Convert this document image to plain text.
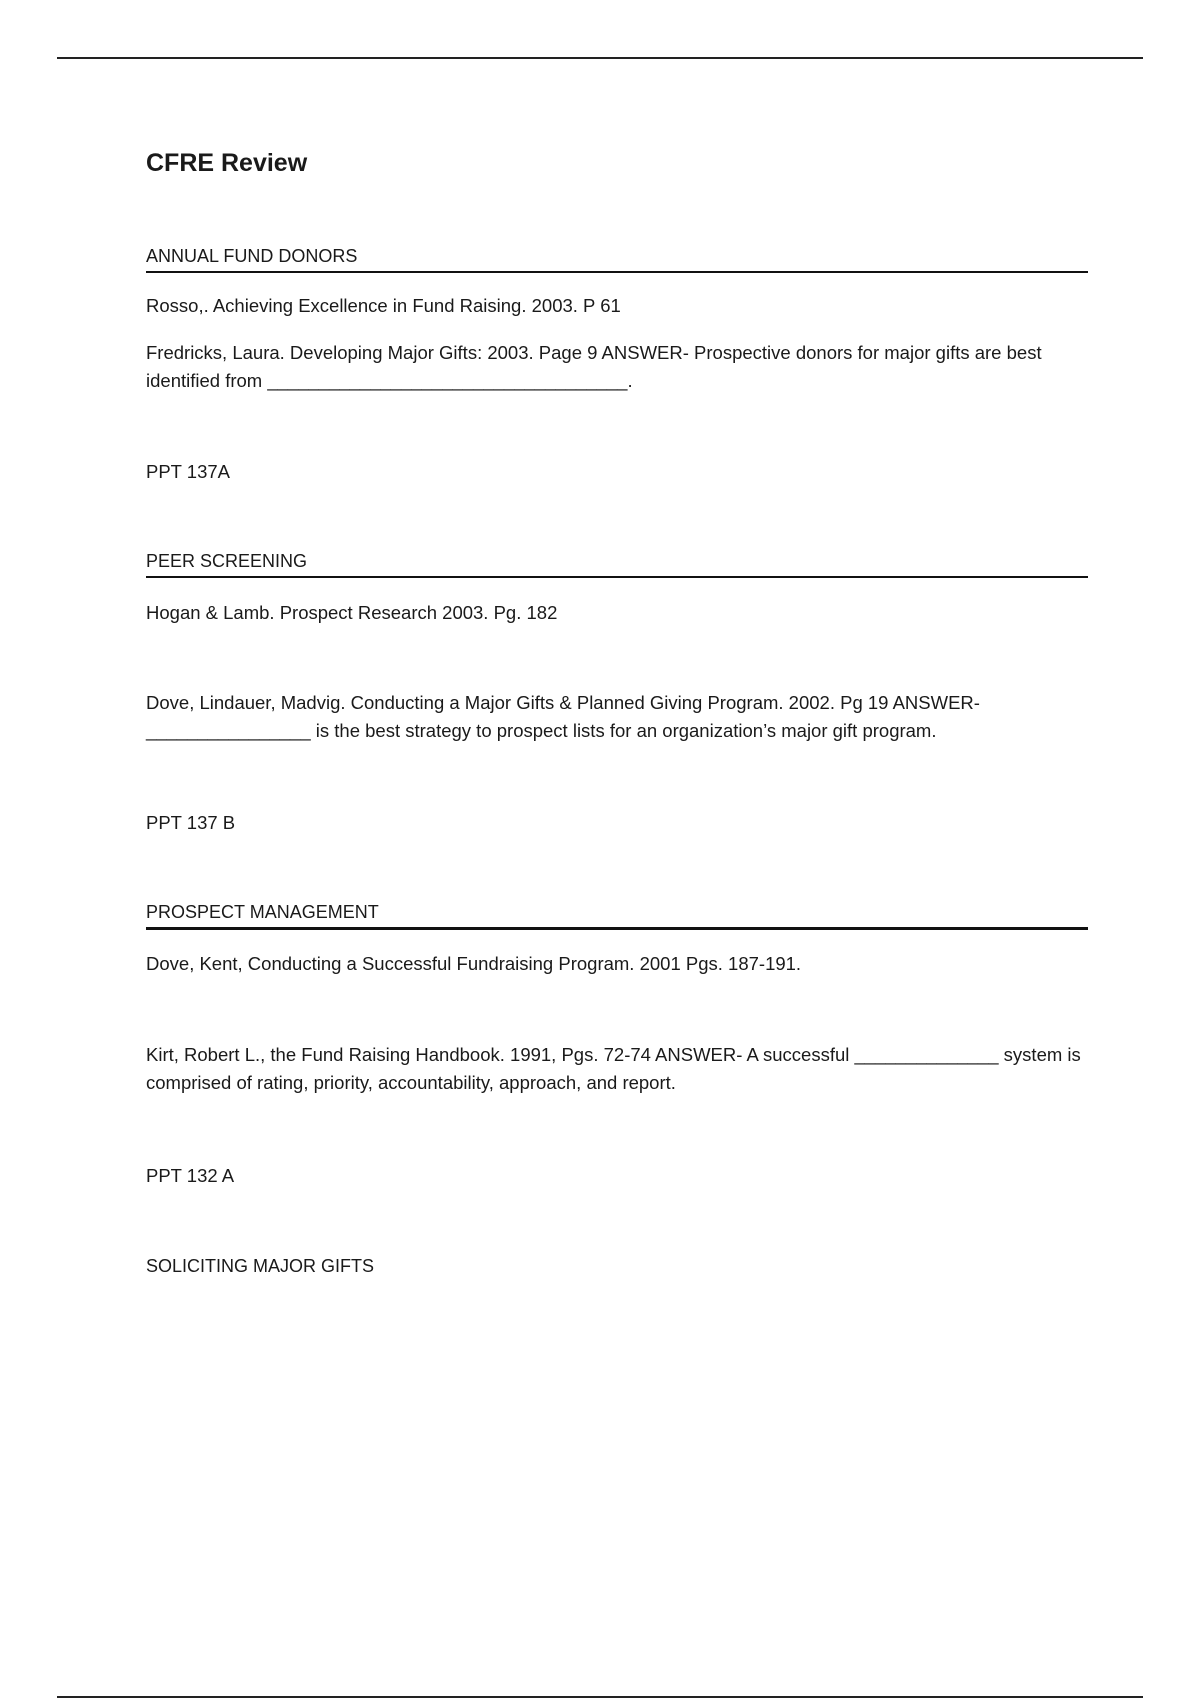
CFRE Review
ANNUAL FUND DONORS

Rosso,. Achieving Excellence in Fund Raising. 2003. P 61

Fredricks, Laura. Developing Major Gifts: 2003. Page 9 ANSWER- Prospective donors for major gifts are best identified from ___________________________________.

PPT 137A

PEER SCREENING

Hogan & Lamb. Prospect Research 2003. Pg. 182

Dove, Lindauer, Madvig. Conducting a Major Gifts & Planned Giving Program. 2002. Pg 19 ANSWER- ________________ is the best strategy to prospect lists for an organization’s major gift program.

PPT 137 B

PROSPECT MANAGEMENT

Dove, Kent, Conducting a Successful Fundraising Program. 2001 Pgs. 187-191.

Kirt, Robert L., the Fund Raising Handbook. 1991, Pgs. 72-74 ANSWER- A successful ______________ system is comprised of rating, priority, accountability, approach, and report.

PPT 132 A

SOLICITING MAJOR GIFTS
